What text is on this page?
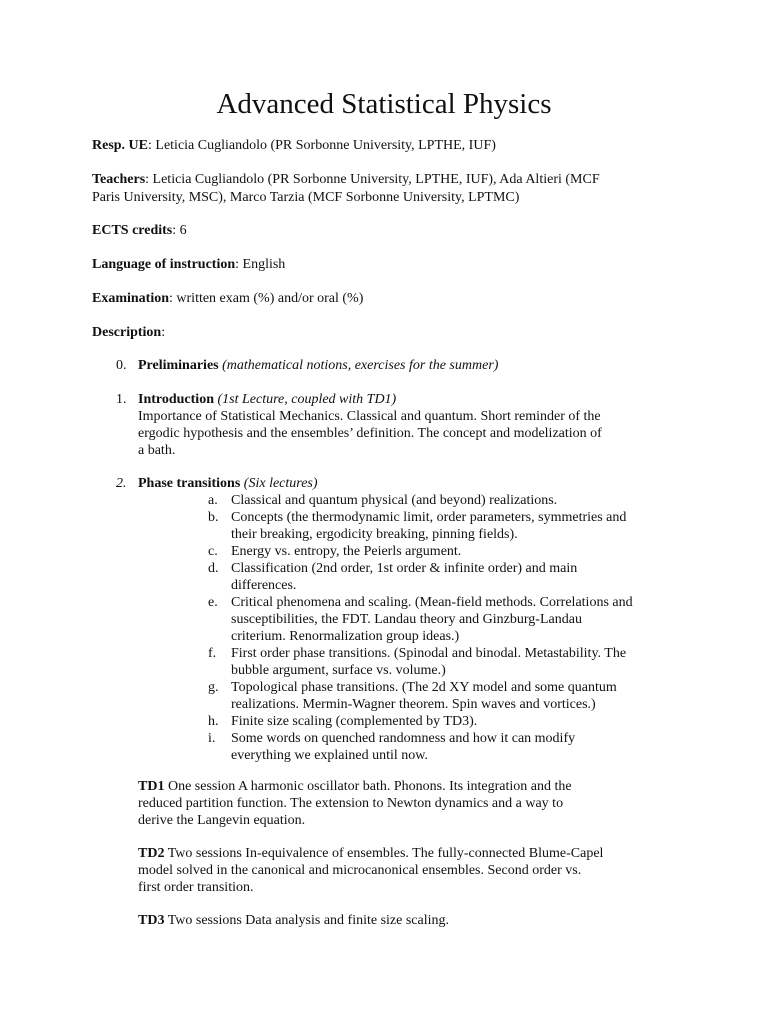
Advanced Statistical Physics
Resp. UE: Leticia Cugliandolo (PR Sorbonne University, LPTHE, IUF)
Teachers: Leticia Cugliandolo (PR Sorbonne University, LPTHE, IUF), Ada Altieri (MCF
Paris University, MSC), Marco Tarzia (MCF Sorbonne University, LPTMC)
ECTS credits: 6
Language of instruction: English
Examination: written exam (%) and/or oral (%)
Description:
0. Preliminaries (mathematical notions, exercises for the summer)
1. Introduction (1st Lecture, coupled with TD1)
Importance of Statistical Mechanics. Classical and quantum. Short reminder of the
ergodic hypothesis and the ensembles’ definition. The concept and modelization of
a bath.
2. Phase transitions (Six lectures)
a. Classical and quantum physical (and beyond) realizations.
b. Concepts (the thermodynamic limit, order parameters, symmetries and
their breaking, ergodicity breaking, pinning fields).
c. Energy vs. entropy, the Peierls argument.
d. Classification (2nd order, 1st order & infinite order) and main
differences.
e. Critical phenomena and scaling. (Mean-field methods. Correlations and
susceptibilities, the FDT. Landau theory and Ginzburg-Landau
criterium. Renormalization group ideas.)
f. First order phase transitions. (Spinodal and binodal. Metastability. The
bubble argument, surface vs. volume.)
g. Topological phase transitions. (The 2d XY model and some quantum
realizations. Mermin-Wagner theorem. Spin waves and vortices.)
h. Finite size scaling (complemented by TD3).
i. Some words on quenched randomness and how it can modify
everything we explained until now.
TD1 One session A harmonic oscillator bath. Phonons. Its integration and the
reduced partition function. The extension to Newton dynamics and a way to
derive the Langevin equation.
TD2 Two sessions In-equivalence of ensembles. The fully-connected Blume-Capel
model solved in the canonical and microcanonical ensembles. Second order vs.
first order transition.
TD3 Two sessions Data analysis and finite size scaling.
